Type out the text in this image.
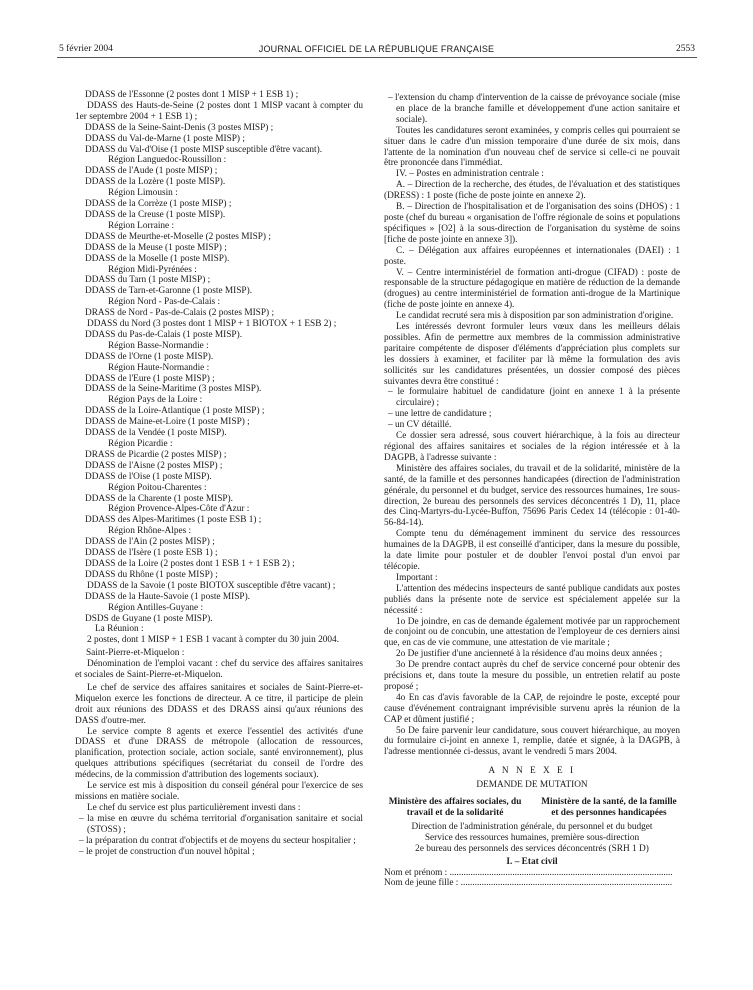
5 février 2004	JOURNAL OFFICIEL DE LA RÉPUBLIQUE FRANÇAISE	2553

DDASS de l'Essonne (2 postes dont 1 MISP + 1 ESB 1) ;

DDASS des Hauts-de-Seine (2 postes dont 1 MISP vacant à compter du 1er septembre 2004 + 1 ESB 1) ;

DDASS de la Seine-Saint-Denis (3 postes MISP) ;

DDASS du Val-de-Marne (1 poste MISP) ;

DDASS du Val-d'Oise (1 poste MISP susceptible d'être vacant).

Région Languedoc-Roussillon :

DDASS de l'Aude (1 poste MISP) ;

DDASS de la Lozère (1 poste MISP).

Région Limousin :

DDASS de la Corrèze (1 poste MISP) ;

DDASS de la Creuse (1 poste MISP).

Région Lorraine :

DDASS de Meurthe-et-Moselle (2 postes MISP) ;

DDASS de la Meuse (1 poste MISP) ;

DDASS de la Moselle (1 poste MISP).

Région Midi-Pyrénées :

DDASS du Tarn (1 poste MISP) ;

DDASS de Tarn-et-Garonne (1 poste MISP).

Région Nord - Pas-de-Calais :

DRASS de Nord - Pas-de-Calais (2 postes MISP) ;

DDASS du Nord (3 postes dont 1 MISP + 1 BIOTOX + 1 ESB 2) ;

DDASS du Pas-de-Calais (1 poste MISP).

Région Basse-Normandie :

DDASS de l'Orne (1 poste MISP).

Région Haute-Normandie :

DDASS de l'Eure (1 poste MISP) ;

DDASS de la Seine-Maritime (3 postes MISP).

Région Pays de la Loire :

DDASS de la Loire-Atlantique (1 poste MISP) ;

DDASS de Maine-et-Loire (1 poste MISP) ;

DDASS de la Vendée (1 poste MISP).

Région Picardie :

DRASS de Picardie (2 postes MISP) ;

DDASS de l'Aisne (2 postes MISP) ;

DDASS de l'Oise (1 poste MISP).

Région Poitou-Charentes :

DDASS de la Charente (1 poste MISP).

Région Provence-Alpes-Côte d'Azur :

DDASS des Alpes-Maritimes (1 poste ESB 1) ;

Région Rhône-Alpes :

DDASS de l'Ain (2 postes MISP) ;

DDASS de l'Isère (1 poste ESB 1) ;

DDASS de la Loire (2 postes dont 1 ESB 1 + 1 ESB 2) ;

DDASS du Rhône (1 poste MISP) ;

DDASS de la Savoie (1 poste BIOTOX susceptible d'être vacant) ;

DDASS de la Haute-Savoie (1 poste MISP).

Région Antilles-Guyane :

DSDS de Guyane (1 poste MISP).

La Réunion :

2 postes, dont 1 MISP + 1 ESB 1 vacant à compter du 30 juin 2004.

Saint-Pierre-et-Miquelon :

Dénomination de l'emploi vacant : chef du service des affaires sanitaires et sociales de Saint-Pierre-et-Miquelon.

Le chef de service des affaires sanitaires et sociales de Saint-Pierre-et-Miquelon exerce les fonctions de directeur. A ce titre, il participe de plein droit aux réunions des DDASS et des DRASS ainsi qu'aux réunions des DASS d'outre-mer.

Le service compte 8 agents et exerce l'essentiel des activités d'une DDASS et d'une DRASS de métropole (allocation de ressources, planification, protection sociale, action sociale, santé environnement), plus quelques attributions spécifiques (secrétariat du conseil de l'ordre des médecins, de la commission d'attribution des logements sociaux).

Le service est mis à disposition du conseil général pour l'exercice de ses missions en matière sociale.

Le chef du service est plus particulièrement investi dans :

– la mise en œuvre du schéma territorial d'organisation sanitaire et social (STOSS) ;

– la préparation du contrat d'objectifs et de moyens du secteur hospitalier ;

– le projet de construction d'un nouvel hôpital ;

– l'extension du champ d'intervention de la caisse de prévoyance sociale (mise en place de la branche famille et développement d'une action sanitaire et sociale).

Toutes les candidatures seront examinées, y compris celles qui pourraient se situer dans le cadre d'un mission temporaire d'une durée de six mois, dans l'attente de la nomination d'un nouveau chef de service si celle-ci ne pouvait être prononcée dans l'immédiat.

IV. – Postes en administration centrale :

A. – Direction de la recherche, des études, de l'évaluation et des statistiques (DRESS) : 1 poste (fiche de poste jointe en annexe 2).

B. – Direction de l'hospitalisation et de l'organisation des soins (DHOS) : 1 poste (chef du bureau « organisation de l'offre régionale de soins et populations spécifiques » [O2] à la sous-direction de l'organisation du système de soins [fiche de poste jointe en annexe 3]).

C. – Délégation aux affaires européennes et internationales (DAEI) : 1 poste.

V. – Centre interministériel de formation anti-drogue (CIFAD) : poste de responsable de la structure pédagogique en matière de réduction de la demande (drogues) au centre interministériel de formation anti-drogue de la Martinique (fiche de poste jointe en annexe 4).

Le candidat recruté sera mis à disposition par son administration d'origine.

Les intéressés devront formuler leurs vœux dans les meilleurs délais possibles. Afin de permettre aux membres de la commission administrative paritaire compétente de disposer d'éléments d'appréciation plus complets sur les dossiers à examiner, et faciliter par là même la formulation des avis sollicités sur les candidatures présentées, un dossier composé des pièces suivantes devra être constitué :

– le formulaire habituel de candidature (joint en annexe 1 à la présente circulaire) ;

– une lettre de candidature ;

– un CV détaillé.

Ce dossier sera adressé, sous couvert hiérarchique, à la fois au directeur régional des affaires sanitaires et sociales de la région intéressée et à la DAGPB, à l'adresse suivante :

Ministère des affaires sociales, du travail et de la solidarité, ministère de la santé, de la famille et des personnes handicapées (direction de l'administration générale, du personnel et du budget, service des ressources humaines, 1re sous-direction, 2e bureau des personnels des services déconcentrés 1 D), 11, place des Cinq-Martyrs-du-Lycée-Buffon, 75696 Paris Cedex 14 (télécopie : 01-40-56-84-14).

Compte tenu du déménagement imminent du service des ressources humaines de la DAGPB, il est conseillé d'anticiper, dans la mesure du possible, la date limite pour postuler et de doubler l'envoi postal d'un envoi par télécopie.

Important :

L'attention des médecins inspecteurs de santé publique candidats aux postes publiés dans la présente note de service est spécialement appelée sur la nécessité :

1o De joindre, en cas de demande également motivée par un rapprochement de conjoint ou de concubin, une attestation de l'employeur de ces derniers ainsi que, en cas de vie commune, une attestation de vie maritale ;

2o De justifier d'une ancienneté à la résidence d'au moins deux années ;

3o De prendre contact auprès du chef de service concerné pour obtenir des précisions et, dans toute la mesure du possible, un entretien relatif au poste proposé ;

4o En cas d'avis favorable de la CAP, de rejoindre le poste, excepté pour cause d'événement contraignant imprévisible survenu après la réunion de la CAP et dûment justifié ;

5o De faire parvenir leur candidature, sous couvert hiérarchique, au moyen du formulaire ci-joint en annexe 1, remplie, datée et signée, à la DAGPB, à l'adresse mentionnée ci-dessus, avant le vendredi 5 mars 2004.

A N N E X E I

DEMANDE DE MUTATION

Ministère des affaires sociales, du travail et de la solidarité
Ministère de la santé, de la famille et des personnes handicapées

Direction de l'administration générale, du personnel et du budget

Service des ressources humaines, première sous-direction

2e bureau des personnels des services déconcentrés (SRH 1 D)

I. – Etat civil

Nom et prénom : ................................................................................................

Nom de jeune fille : ...........................................................................................
